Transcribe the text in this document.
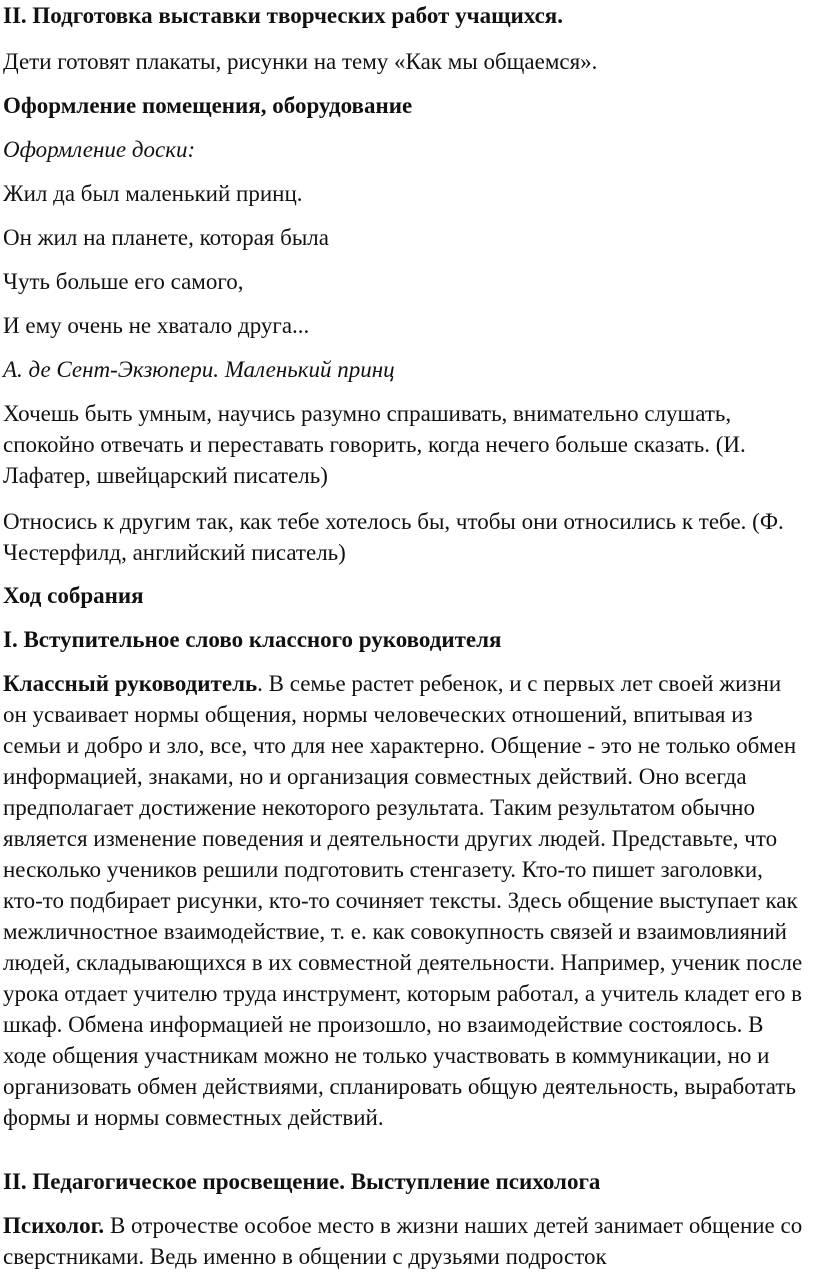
II. Подготовка выставки творческих работ учащихся.

Дети готовят плакаты, рисунки на тему «Как мы общаемся».

Оформление помещения, оборудование

Оформление доски:

Жил да был маленький принц.

Он жил на планете, которая была

Чуть больше его самого,

И ему очень не хватало друга...

А. де Сент-Экзюпери. Маленький принц

Хочешь быть умным, научись разумно спрашивать, внимательно слушать, спокойно отвечать и переставать говорить, когда нечего больше сказать. (И. Лафатер, швейцарский писатель)

Относись к другим так, как тебе хотелось бы, чтобы они относились к тебе. (Ф. Честерфилд, английский писатель)

Ход собрания

I. Вступительное слово классного руководителя

Классный руководитель. В семье растет ребенок, и с первых лет своей жизни он усваивает нормы общения, нормы человеческих отношений, впитывая из семьи и добро и зло, все, что для нее характерно. Общение - это не только обмен информацией, знаками, но и организация совместных действий. Оно всегда предполагает достижение некоторого результата. Таким результатом обычно является изменение поведения и деятельности других людей. Представьте, что несколько учеников решили подготовить стенгазету. Кто-то пишет заголовки, кто-то подбирает рисунки, кто-то сочиняет тексты. Здесь общение выступает как межличностное взаимодействие, т. е. как совокупность связей и взаимовлияний людей, складывающихся в их совместной деятельности. Например, ученик после урока отдает учителю труда инструмент, которым работал, а учитель кладет его в шкаф. Обмена информацией не произошло, но взаимодействие состоялось. В ходе общения участникам можно не только участвовать в коммуникации, но и организовать обмен действиями, спланировать общую деятельность, выработать формы и нормы совместных действий.

II. Педагогическое просвещение. Выступление психолога

Психолог. В отрочестве особое место в жизни наших детей занимает общение со сверстниками. Ведь именно в общении с друзьями подросток
